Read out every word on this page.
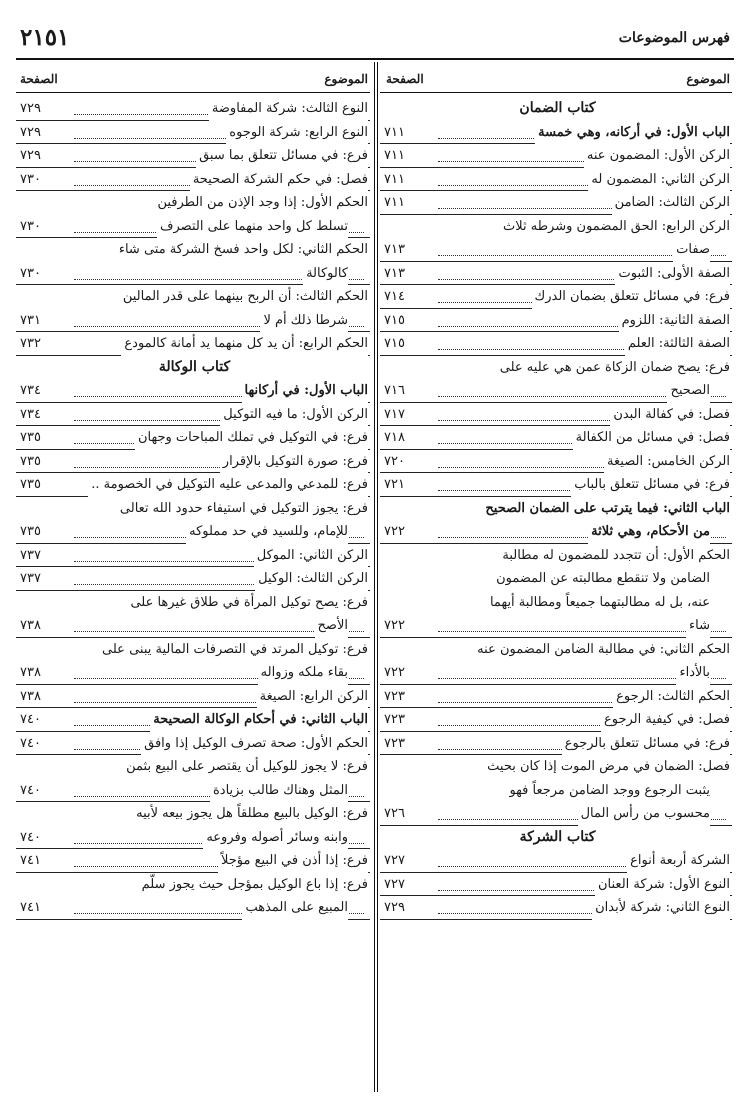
٢١٥١	فهرس الموضوعات
الموضوع
الصفحة
كتاب الضمان
الباب الأول: في أركانه، وهي خمسة
٧١١
الركن الأول: المضمون عنه
٧١١
الركن الثاني: المضمون له
٧١١
الركن الثالث: الضامن
٧١١
الركن الرابع: الحق المضمون وشرطه ثلاث
صفات
٧١٣
الصفة الأولى: الثبوت
٧١٣
فرع: في مسائل تتعلق بضمان الدرك
٧١٤
الصفة الثانية: اللزوم
٧١٥
الصفة الثالثة: العلم
٧١٥
فرع: يصح ضمان الزكاة عمن هي عليه على
الصحيح
٧١٦
فصل: في كفالة البدن
٧١٧
فصل: في مسائل من الكفالة
٧١٨
الركن الخامس: الصيغة
٧٢٠
فرع: في مسائل تتعلق بالباب
٧٢١
الباب الثاني: فيما يترتب على الضمان الصحيح
من الأحكام، وهي ثلاثة
٧٢٢
الحكم الأول: أن تتجدد للمضمون له مطالبة
الضامن ولا تنقطع مطالبته عن المضمون
عنه، بل له مطالبتهما جميعاً ومطالبة أيهما
شاء
٧٢٢
الحكم الثاني: في مطالبة الضامن المضمون عنه
بالأداء
٧٢٢
الحكم الثالث: الرجوع
٧٢٣
فصل: في كيفية الرجوع
٧٢٣
فرع: في مسائل تتعلق بالرجوع
٧٢٣
فصل: الضمان في مرض الموت إذا كان بحيث
يثبت الرجوع ووجد الضامن مرجعاً فهو
محسوب من رأس المال
٧٢٦
كتاب الشركة
الشركة أربعة أنواع
٧٢٧
النوع الأول: شركة العنان
٧٢٧
النوع الثاني: شركة لأبدان
٧٢٩
الموضوع
الصفحة
النوع الثالث: شركة المفاوضة
٧٢٩
النوع الرابع: شركة الوجوه
٧٢٩
فرع: في مسائل تتعلق بما سبق
٧٢٩
فصل: في حكم الشركة الصحيحة
٧٣٠
الحكم الأول: إذا وجد الإذن من الطرفين
تسلط كل واحد منهما على التصرف
٧٣٠
الحكم الثاني: لكل واحد فسخ الشركة متى شاء
كالوكالة
٧٣٠
الحكم الثالث: أن الربح بينهما على قدر المالين
شرطا ذلك أم لا
٧٣١
الحكم الرابع: أن يد كل منهما يد أمانة كالمودع
٧٣٢
كتاب الوكالة
الباب الأول: في أركانها
٧٣٤
الركن الأول: ما فيه التوكيل
٧٣٤
فرع: في التوكيل في تملك المباحات وجهان
٧٣٥
فرع: صورة التوكيل بالإقرار
٧٣٥
فرع: للمدعي والمدعى عليه التوكيل في الخصومة ..
٧٣٥
فرع: يجوز التوكيل في استيفاء حدود الله تعالى
للإمام، وللسيد في حد مملوكه
٧٣٥
الركن الثاني: الموكل
٧٣٧
الركن الثالث: الوكيل
٧٣٧
فرع: يصح توكيل المرأة في طلاق غيرها على
الأصح
٧٣٨
فرع: توكيل المرتد في التصرفات المالية يبنى على
بقاء ملكه وزواله
٧٣٨
الركن الرابع: الصيغة
٧٣٨
الباب الثاني: في أحكام الوكالة الصحيحة
٧٤٠
الحكم الأول: صحة تصرف الوكيل إذا وافق
٧٤٠
فرع: لا يجوز للوكيل أن يقتصر على البيع بثمن
المثل وهناك طالب بزيادة
٧٤٠
فرع: الوكيل بالبيع مطلقاً هل يجوز بيعه لأبيه
وابنه وسائر أصوله وفروعه
٧٤٠
فرع: إذا أذن في البيع مؤجلاً
٧٤١
فرع: إذا باع الوكيل بمؤجل حيث يجوز سلّم
المبيع على المذهب
٧٤١
